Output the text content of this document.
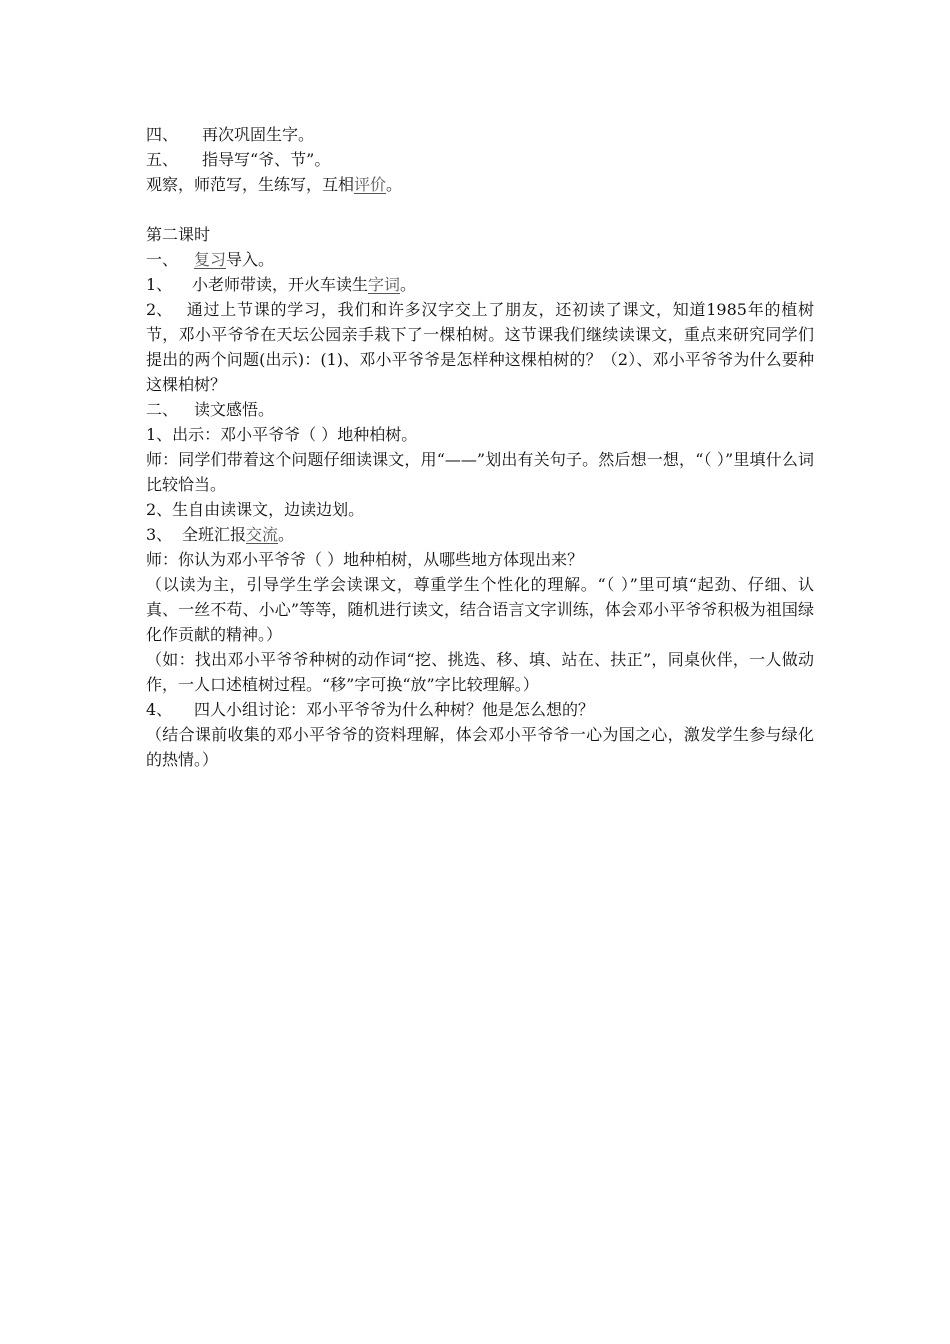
四、 再次巩固生字。
五、 指导写“爷、节”。
观察，师范写，生练写，互相评价。
第二课时
一、 复习导入。
1、 小老师带读，开火车读生字词。
2、 通过上节课的学习，我们和许多汉字交上了朋友，还初读了课文，知道1985年的植树节，邓小平爷爷在天坛公园亲手栽下了一棵柏树。这节课我们继续读课文，重点来研究同学们提出的两个问题(出示)：(1)、邓小平爷爷是怎样种这棵柏树的？（2）、邓小平爷爷为什么要种这棵柏树？
二、 读文感悟。
1、出示：邓小平爷爷（ ）地种柏树。
师：同学们带着这个问题仔细读课文，用“——”划出有关句子。然后想一想，“（ ）”里填什么词比较恰当。
2、生自由读课文，边读边划。
3、 全班汇报交流。
师：你认为邓小平爷爷（ ）地种柏树，从哪些地方体现出来？
（以读为主，引导学生学会读课文，尊重学生个性化的理解。“（ ）”里可填“起劲、仔细、认真、一丝不苟、小心”等等，随机进行读文，结合语言文字训练，体会邓小平爷爷积极为祖国绿化作贡献的精神。）
（如：找出邓小平爷爷种树的动作词“挖、挑选、移、填、站在、扶正”，同桌伙伴，一人做动作，一人口述植树过程。“移”字可换“放”字比较理解。）
4、 四人小组讨论：邓小平爷爷为什么种树？他是怎么想的？
（结合课前收集的邓小平爷爷的资料理解，体会邓小平爷爷一心为国之心，激发学生参与绿化的热情。）
